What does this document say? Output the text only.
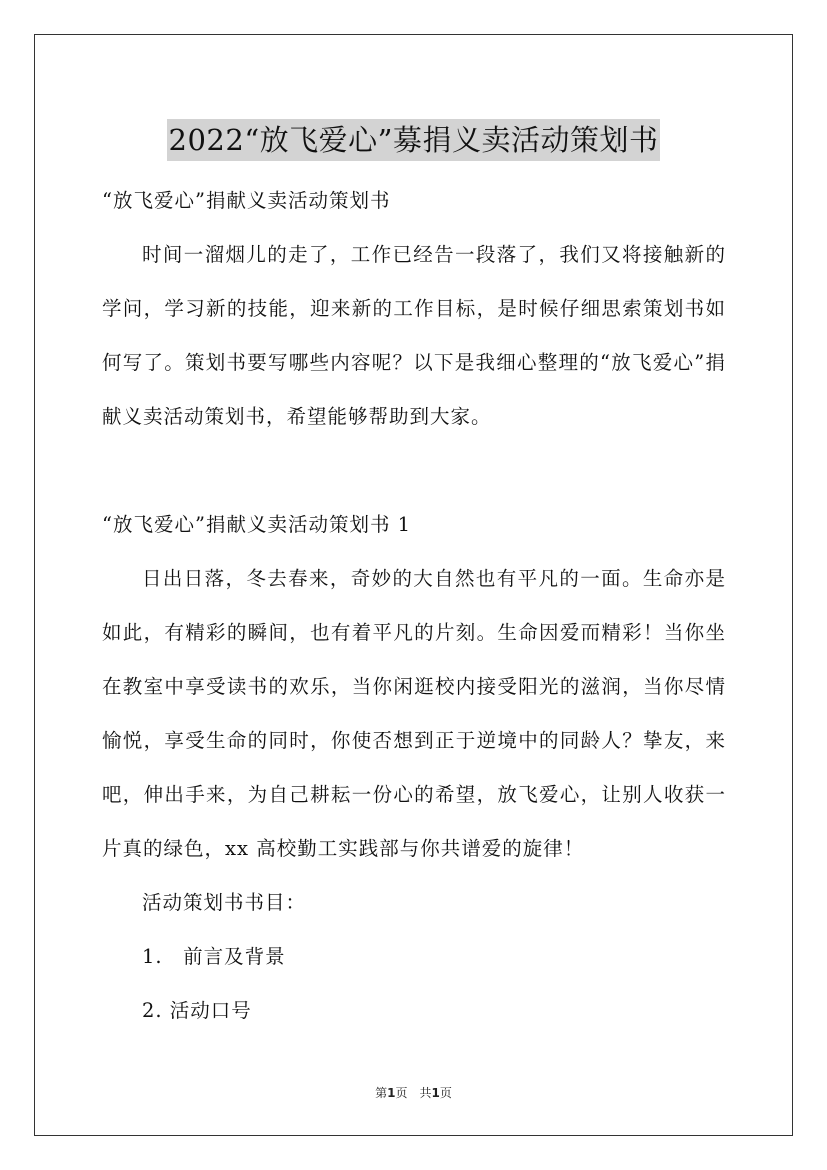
2022“放飞爱心”募捐义卖活动策划书

“放飞爱心”捐献义卖活动策划书

时间一溜烟儿的走了，工作已经告一段落了，我们又将接触新的学问，学习新的技能，迎来新的工作目标，是时候仔细思索策划书如何写了。策划书要写哪些内容呢？以下是我细心整理的“放飞爱心”捐献义卖活动策划书，希望能够帮助到大家。

“放飞爱心”捐献义卖活动策划书 1

日出日落，冬去春来，奇妙的大自然也有平凡的一面。生命亦是如此，有精彩的瞬间，也有着平凡的片刻。生命因爱而精彩！当你坐在教室中享受读书的欢乐，当你闲逛校内接受阳光的滋润，当你尽情愉悦，享受生命的同时，你使否想到正于逆境中的同龄人？挚友，来吧，伸出手来，为自己耕耘一份心的希望，放飞爱心，让别人收获一片真的绿色，xx 高校勤工实践部与你共谱爱的旋律！

活动策划书书目：

1.　前言及背景

2. 活动口号

第1页　共1页
